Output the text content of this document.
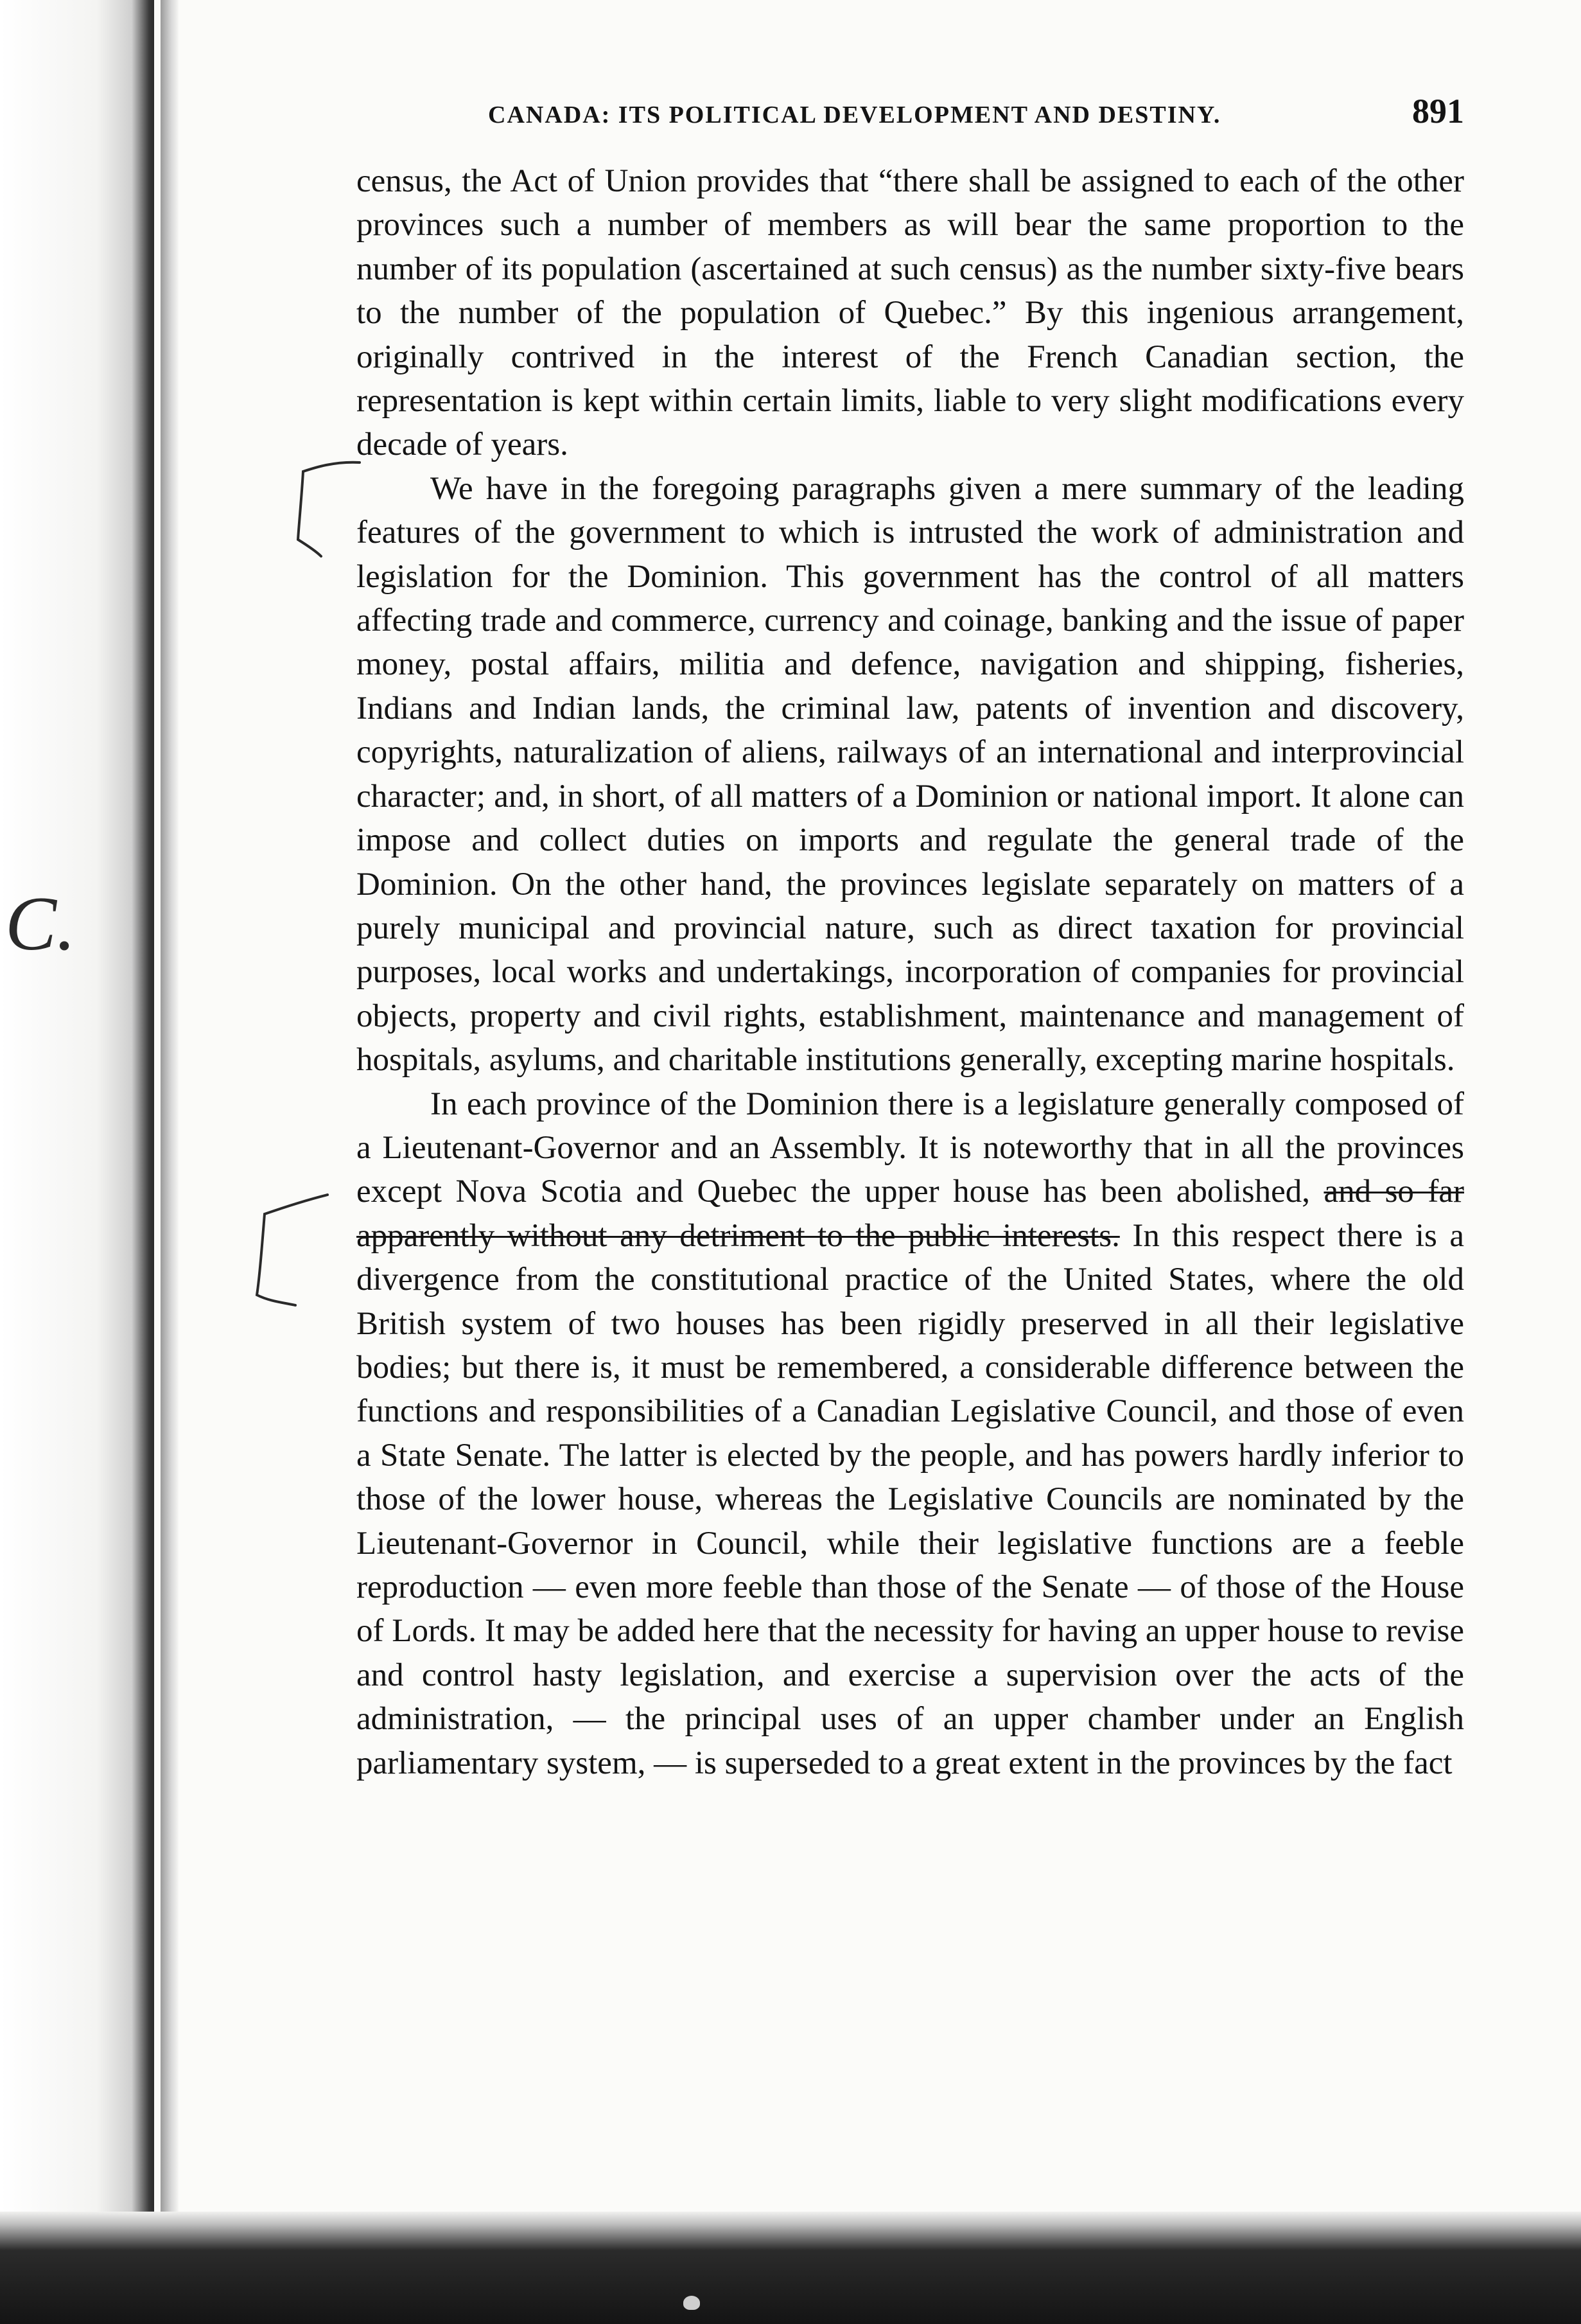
CANADA: ITS POLITICAL DEVELOPMENT AND DESTINY.	891

census, the Act of Union provides that “there shall be assigned to each of the other provinces such a number of members as will bear the same proportion to the number of its population (ascertained at such census) as the number sixty-five bears to the number of the population of Quebec.” By this ingenious arrangement, originally contrived in the interest of the French Canadian section, the representation is kept within certain limits, liable to very slight modifications every decade of years.

We have in the foregoing paragraphs given a mere summary of the leading features of the government to which is intrusted the work of administration and legislation for the Dominion. This government has the control of all matters affecting trade and commerce, currency and coinage, banking and the issue of paper money, postal affairs, militia and defence, navigation and shipping, fisheries, Indians and Indian lands, the criminal law, patents of invention and discovery, copyrights, naturalization of aliens, railways of an international and interprovincial character; and, in short, of all matters of a Dominion or national import. It alone can impose and collect duties on imports and regulate the general trade of the Dominion. On the other hand, the provinces legislate separately on matters of a purely municipal and provincial nature, such as direct taxation for provincial purposes, local works and undertakings, incorporation of companies for provincial objects, property and civil rights, establishment, maintenance and management of hospitals, asylums, and charitable institutions generally, excepting marine hospitals.

In each province of the Dominion there is a legislature generally composed of a Lieutenant-Governor and an Assembly. It is noteworthy that in all the provinces except Nova Scotia and Quebec the upper house has been abolished, and so far apparently without any detriment to the public interests. In this respect there is a divergence from the constitutional practice of the United States, where the old British system of two houses has been rigidly preserved in all their legislative bodies; but there is, it must be remembered, a considerable difference between the functions and responsibilities of a Canadian Legislative Council, and those of even a State Senate. The latter is elected by the people, and has powers hardly inferior to those of the lower house, whereas the Legislative Councils are nominated by the Lieutenant-Governor in Council, while their legislative functions are a feeble reproduction — even more feeble than those of the Senate — of those of the House of Lords. It may be added here that the necessity for having an upper house to revise and control hasty legislation, and exercise a supervision over the acts of the administration, — the principal uses of an upper chamber under an English parliamentary system, — is superseded to a great extent in the provinces by the fact

C.
